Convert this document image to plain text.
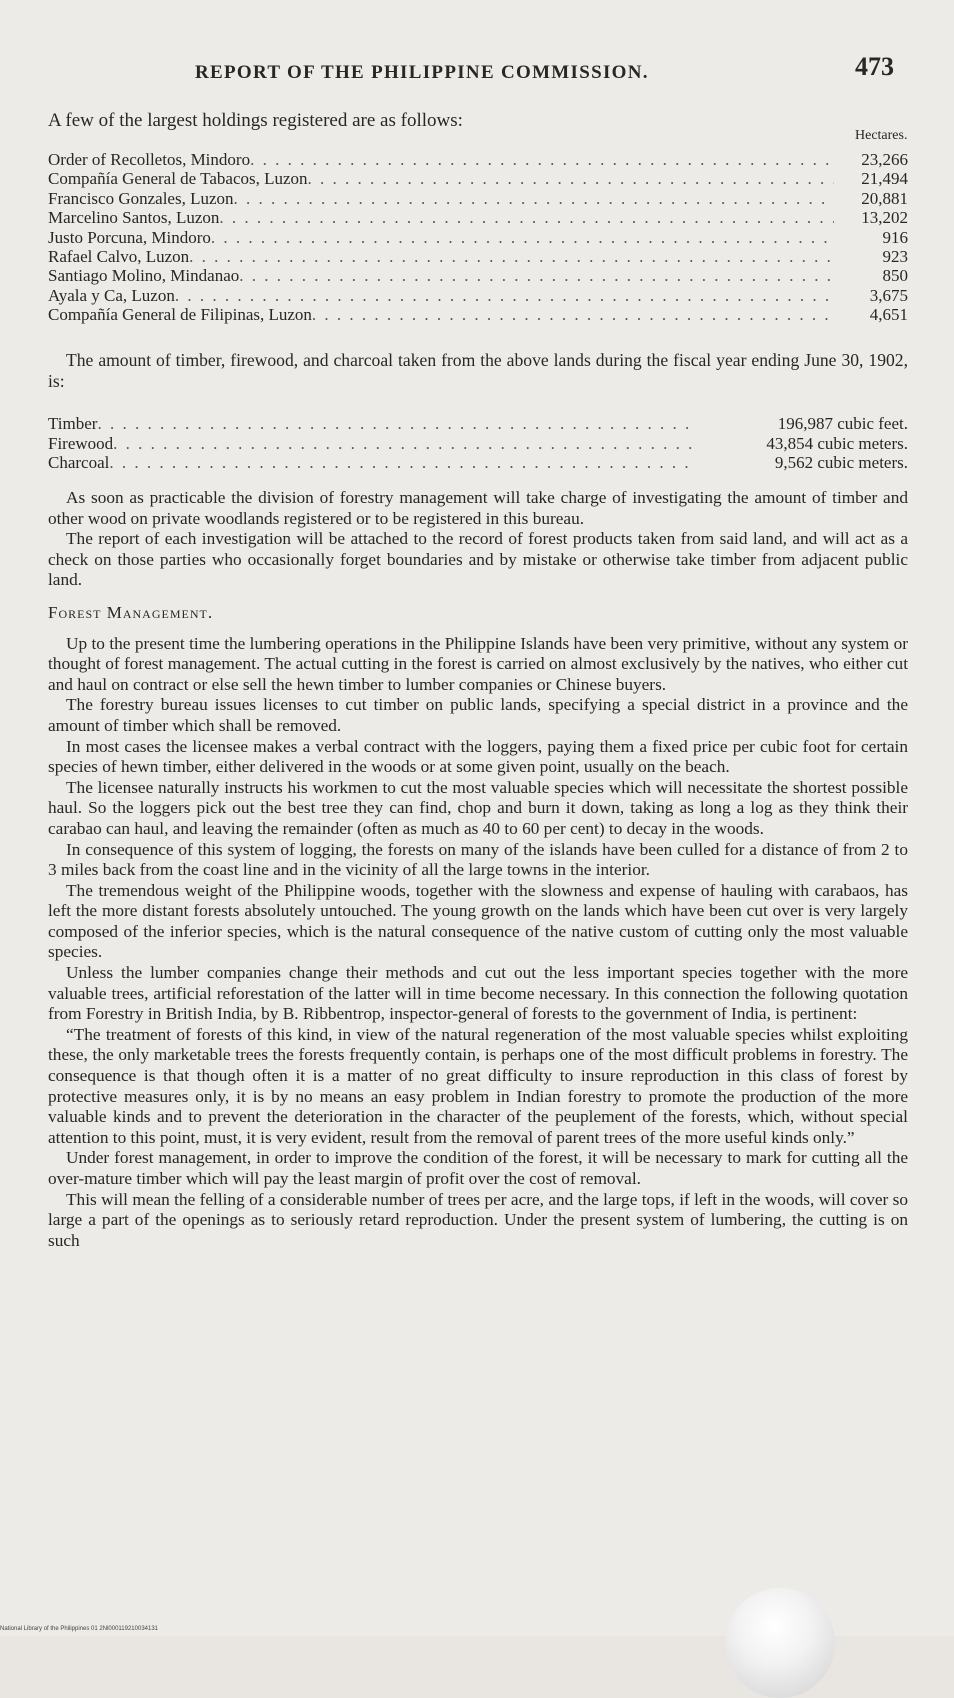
REPORT OF THE PHILIPPINE COMMISSION.	473
A few of the largest holdings registered are as follows:
Hectares.
Order of Recolletos, Mindoro . . .	23,266
Compañía General de Tabacos, Luzon . . .	21,494
Francisco Gonzales, Luzon . . .	20,881
Marcelino Santos, Luzon . . .	13,202
Justo Porcuna, Mindoro . . .	916
Rafael Calvo, Luzon . . .	923
Santiago Molino, Mindanao . . .	850
Ayala y Ca, Luzon . . .	3,675
Compañía General de Filipinas, Luzon . . .	4,651
The amount of timber, firewood, and charcoal taken from the above lands during the fiscal year ending June 30, 1902, is:
Timber . . .	196,987 cubic feet.
Firewood . . .	43,854 cubic meters.
Charcoal . . .	9,562 cubic meters.

As soon as practicable the division of forestry management will take charge of investigating the amount of timber and other wood on private woodlands registered or to be registered in this bureau.

The report of each investigation will be attached to the record of forest products taken from said land, and will act as a check on those parties who occasionally forget boundaries and by mistake or otherwise take timber from adjacent public land.

Forest Management.

Up to the present time the lumbering operations in the Philippine Islands have been very primitive, without any system or thought of forest management. The actual cutting in the forest is carried on almost exclusively by the natives, who either cut and haul on contract or else sell the hewn timber to lumber companies or Chinese buyers.

The forestry bureau issues licenses to cut timber on public lands, specifying a special district in a province and the amount of timber which shall be removed.

In most cases the licensee makes a verbal contract with the loggers, paying them a fixed price per cubic foot for certain species of hewn timber, either delivered in the woods or at some given point, usually on the beach.

The licensee naturally instructs his workmen to cut the most valuable species which will necessitate the shortest possible haul. So the loggers pick out the best tree they can find, chop and burn it down, taking as long a log as they think their carabao can haul, and leaving the remainder (often as much as 40 to 60 per cent) to decay in the woods.

In consequence of this system of logging, the forests on many of the islands have been culled for a distance of from 2 to 3 miles back from the coast line and in the vicinity of all the large towns in the interior.

The tremendous weight of the Philippine woods, together with the slowness and expense of hauling with carabaos, has left the more distant forests absolutely untouched. The young growth on the lands which have been cut over is very largely composed of the inferior species, which is the natural consequence of the native custom of cutting only the most valuable species.

Unless the lumber companies change their methods and cut out the less important species together with the more valuable trees, artificial reforestation of the latter will in time become necessary. In this connection the following quotation from Forestry in British India, by B. Ribbentrop, inspector-general of forests to the government of India, is pertinent:

“The treatment of forests of this kind, in view of the natural regeneration of the most valuable species whilst exploiting these, the only marketable trees the forests frequently contain, is perhaps one of the most difficult problems in forestry. The consequence is that though often it is a matter of no great difficulty to insure reproduction in this class of forest by protective measures only, it is by no means an easy problem in Indian forestry to promote the production of the more valuable kinds and to prevent the deterioration in the character of the peuplement of the forests, which, without special attention to this point, must, it is very evident, result from the removal of parent trees of the more useful kinds only.”

Under forest management, in order to improve the condition of the forest, it will be necessary to mark for cutting all the over-mature timber which will pay the least margin of profit over the cost of removal.

This will mean the felling of a considerable number of trees per acre, and the large tops, if left in the woods, will cover so large a part of the openings as to seriously retard reproduction. Under the present system of lumbering, the cutting is on such

National Library of the Philippines 01 2Nl000119210034131
